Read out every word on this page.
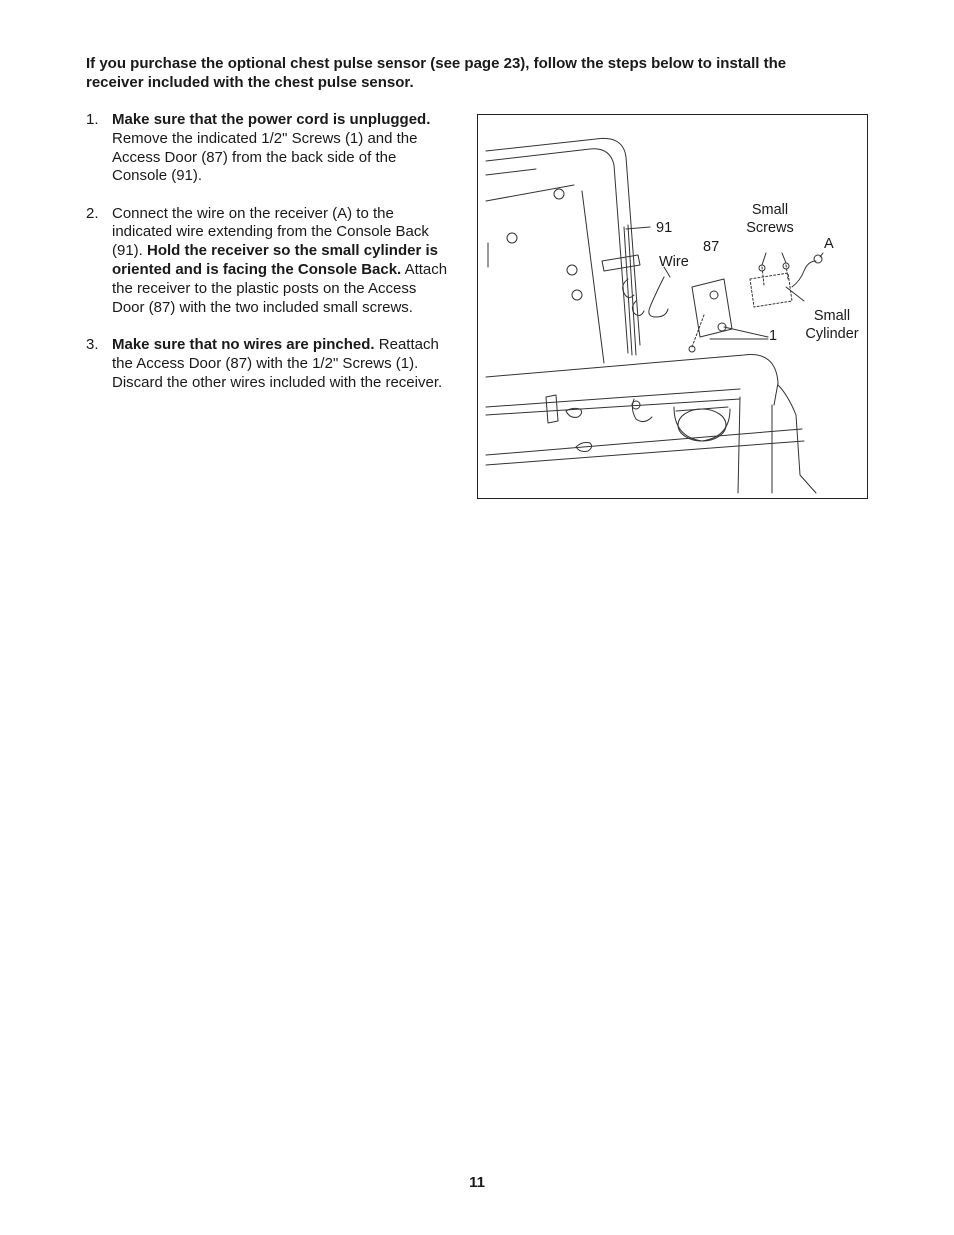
If you purchase the optional chest pulse sensor (see page 23), follow the steps below to install the receiver included with the chest pulse sensor.
1. Make sure that the power cord is unplugged. Remove the indicated 1/2" Screws (1) and the Access Door (87) from the back side of the Console (91).
2. Connect the wire on the receiver (A) to the indicated wire extending from the Console Back (91). Hold the receiver so the small cylinder is oriented and is facing the Console Back. Attach the receiver to the plastic posts on the Access Door (87) with the two included small screws.
3. Make sure that no wires are pinched. Reattach the Access Door (87) with the 1/2" Screws (1). Discard the other wires included with the receiver.
91
Wire
87
Small Screws
A
1
Small Cylinder
11
